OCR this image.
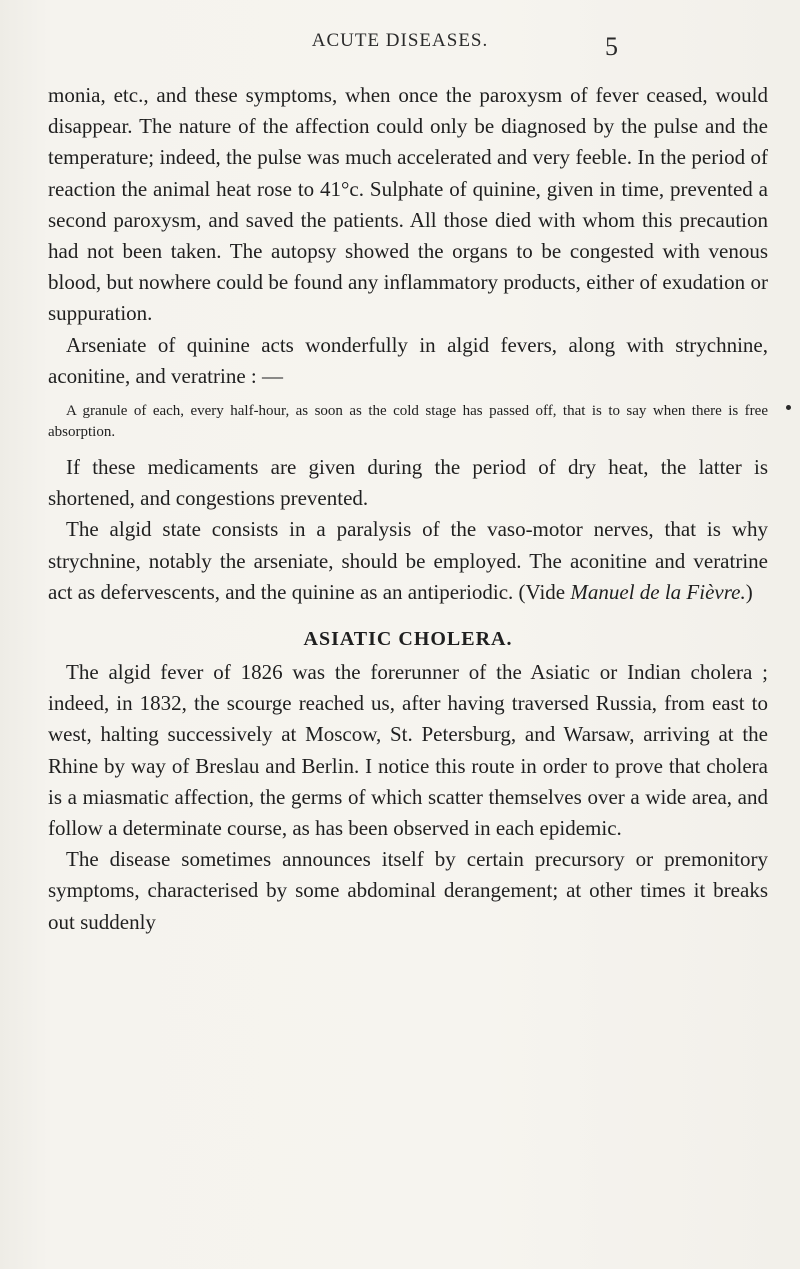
ACUTE DISEASES.	5

monia, etc., and these symptoms, when once the paroxysm of fever ceased, would disappear. The nature of the affection could only be diagnosed by the pulse and the temperature; indeed, the pulse was much accelerated and very feeble. In the period of reaction the animal heat rose to 41°c. Sulphate of quinine, given in time, prevented a second paroxysm, and saved the patients. All those died with whom this precaution had not been taken. The autopsy showed the organs to be congested with venous blood, but nowhere could be found any inflammatory products, either of exudation or suppuration.

Arseniate of quinine acts wonderfully in algid fevers, along with strychnine, aconitine, and veratrine : —

A granule of each, every half-hour, as soon as the cold stage has passed off, that is to say when there is free absorption.

If these medicaments are given during the period of dry heat, the latter is shortened, and congestions prevented.

The algid state consists in a paralysis of the vaso-motor nerves, that is why strychnine, notably the arseniate, should be employed. The aconitine and veratrine act as defervescents, and the quinine as an antiperiodic. (Vide Manuel de la Fièvre.)

ASIATIC CHOLERA.

The algid fever of 1826 was the forerunner of the Asiatic or Indian cholera ; indeed, in 1832, the scourge reached us, after having traversed Russia, from east to west, halting successively at Moscow, St. Petersburg, and Warsaw, arriving at the Rhine by way of Breslau and Berlin. I notice this route in order to prove that cholera is a miasmatic affection, the germs of which scatter themselves over a wide area, and follow a determinate course, as has been observed in each epidemic.

The disease sometimes announces itself by certain precursory or premonitory symptoms, characterised by some abdominal derangement; at other times it breaks out suddenly
